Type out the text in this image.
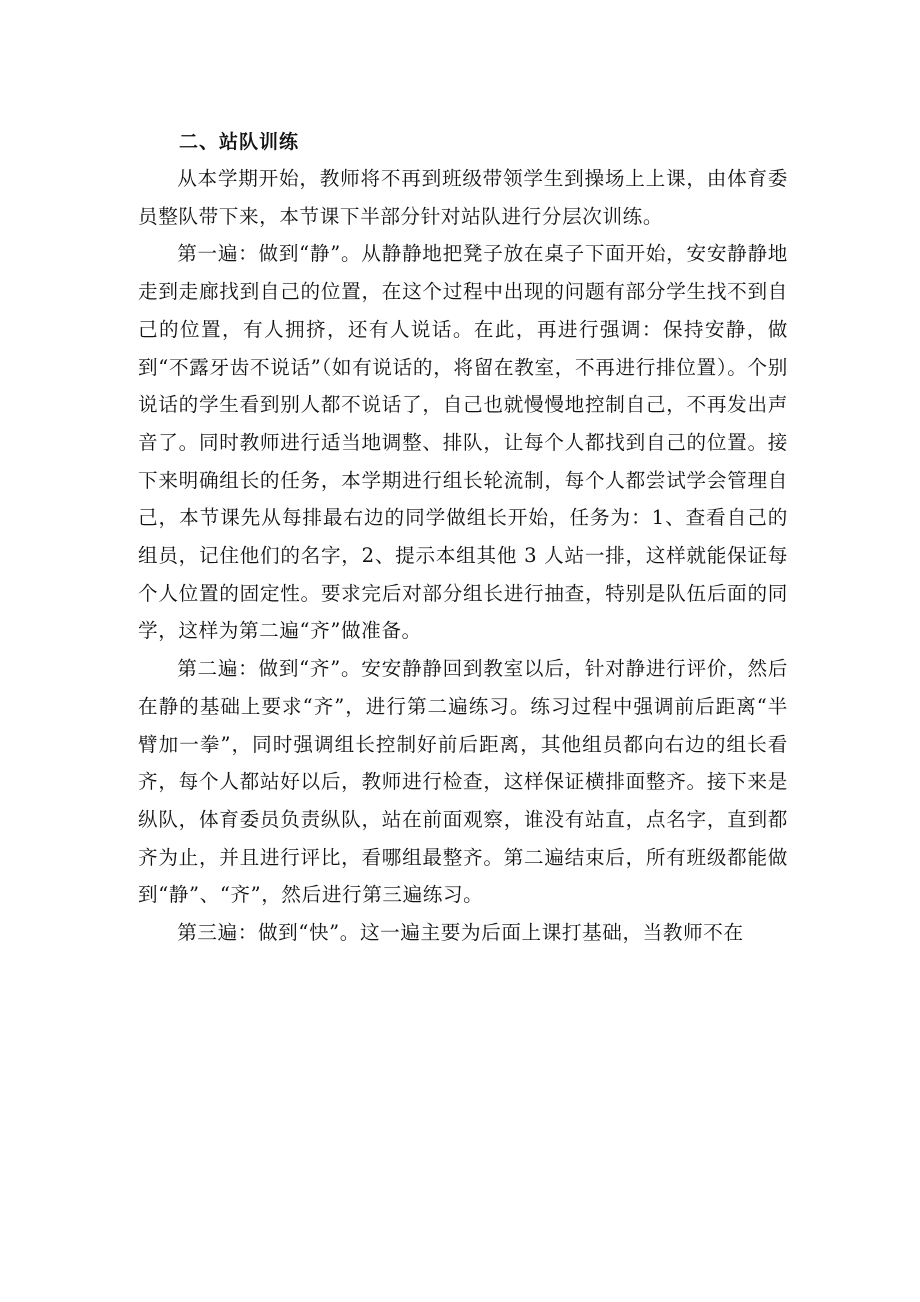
二、站队训练

从本学期开始，教师将不再到班级带领学生到操场上上课，由体育委员整队带下来，本节课下半部分针对站队进行分层次训练。

第一遍：做到“静”。从静静地把凳子放在桌子下面开始，安安静静地走到走廊找到自己的位置，在这个过程中出现的问题有部分学生找不到自己的位置，有人拥挤，还有人说话。在此，再进行强调：保持安静，做到“不露牙齿不说话”（如有说话的，将留在教室，不再进行排位置）。个别说话的学生看到别人都不说话了，自己也就慢慢地控制自己，不再发出声音了。同时教师进行适当地调整、排队，让每个人都找到自己的位置。接下来明确组长的任务，本学期进行组长轮流制，每个人都尝试学会管理自己，本节课先从每排最右边的同学做组长开始，任务为：1、查看自己的组员，记住他们的名字，2、提示本组其他 3 人站一排，这样就能保证每个人位置的固定性。要求完后对部分组长进行抽查，特别是队伍后面的同学，这样为第二遍“齐”做准备。

第二遍：做到“齐”。安安静静回到教室以后，针对静进行评价，然后在静的基础上要求“齐”，进行第二遍练习。练习过程中强调前后距离“半臂加一拳”，同时强调组长控制好前后距离，其他组员都向右边的组长看齐，每个人都站好以后，教师进行检查，这样保证横排面整齐。接下来是纵队，体育委员负责纵队，站在前面观察，谁没有站直，点名字，直到都齐为止，并且进行评比，看哪组最整齐。第二遍结束后，所有班级都能做到“静”、“齐”，然后进行第三遍练习。

第三遍：做到“快”。这一遍主要为后面上课打基础，当教师不在
